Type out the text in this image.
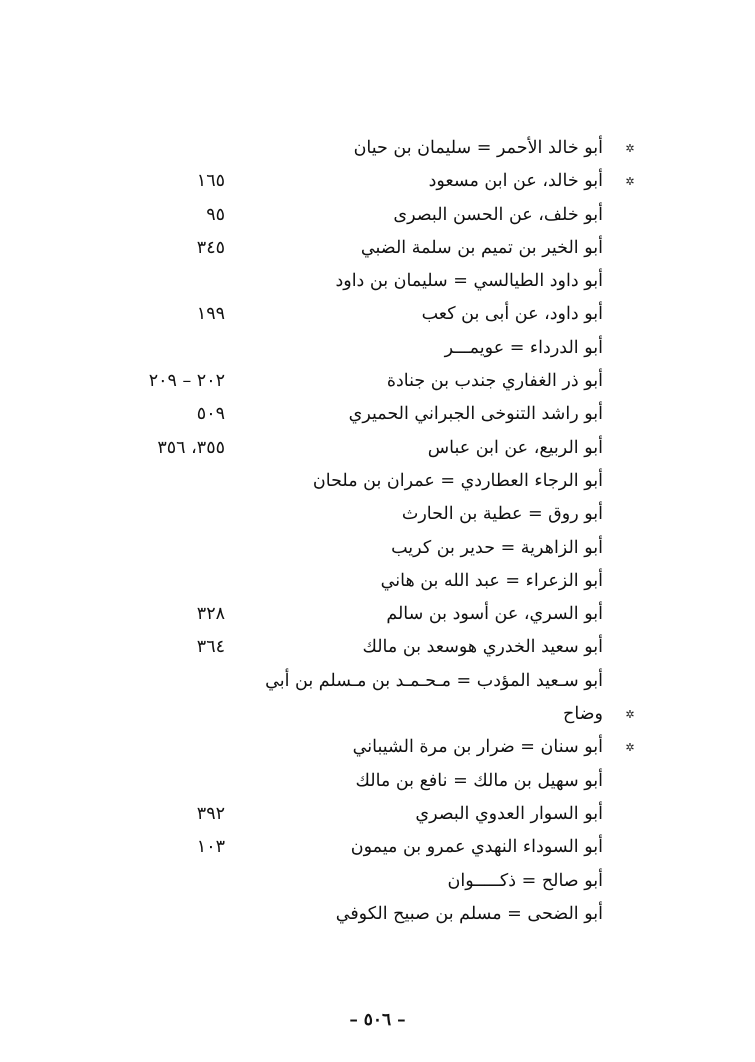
✲
أبو خالد الأحمر = سليمان بن حيان
✲
أبو خالد، عن ابن مسعود
١٦٥
أبو خلف، عن الحسن البصرى
٩٥
أبو الخير بن تميم بن سلمة الضبي
٣٤٥
أبو داود الطيالسي = سليمان بن داود
أبو داود، عن أبى بن كعب
١٩٩
أبو الدرداء = عويمـــر
أبو ذر الغفاري جندب بن جنادة
٢٠٢ – ٢٠٩
أبو راشد التنوخى الجبراني الحميري
٥٠٩
أبو الربيع، عن ابن عباس
٣٥٥، ٣٥٦
أبو الرجاء العطاردي = عمران بن ملحان
أبو روق = عطية بن الحارث
أبو الزاهرية = حدير بن كريب
أبو الزعراء = عبد الله بن هاني
أبو السري، عن أسود بن سالم
٣٢٨
أبو سعيد الخدري هوسعد بن مالك
٣٦٤
أبو سـعيد المؤدب = مـحـمـد بن مـسلم بن أبي
✲
وضاح
✲
أبو سنان = ضرار بن مرة الشيباني
أبو سهيل بن مالك = نافع بن مالك
أبو السوار العدوي البصري
٣٩٢
أبو السوداء النهدي عمرو بن ميمون
١٠٣
أبو صالح = ذكـــــوان
أبو الضحى = مسلم بن صبيح الكوفي
– ٥٠٦ –
